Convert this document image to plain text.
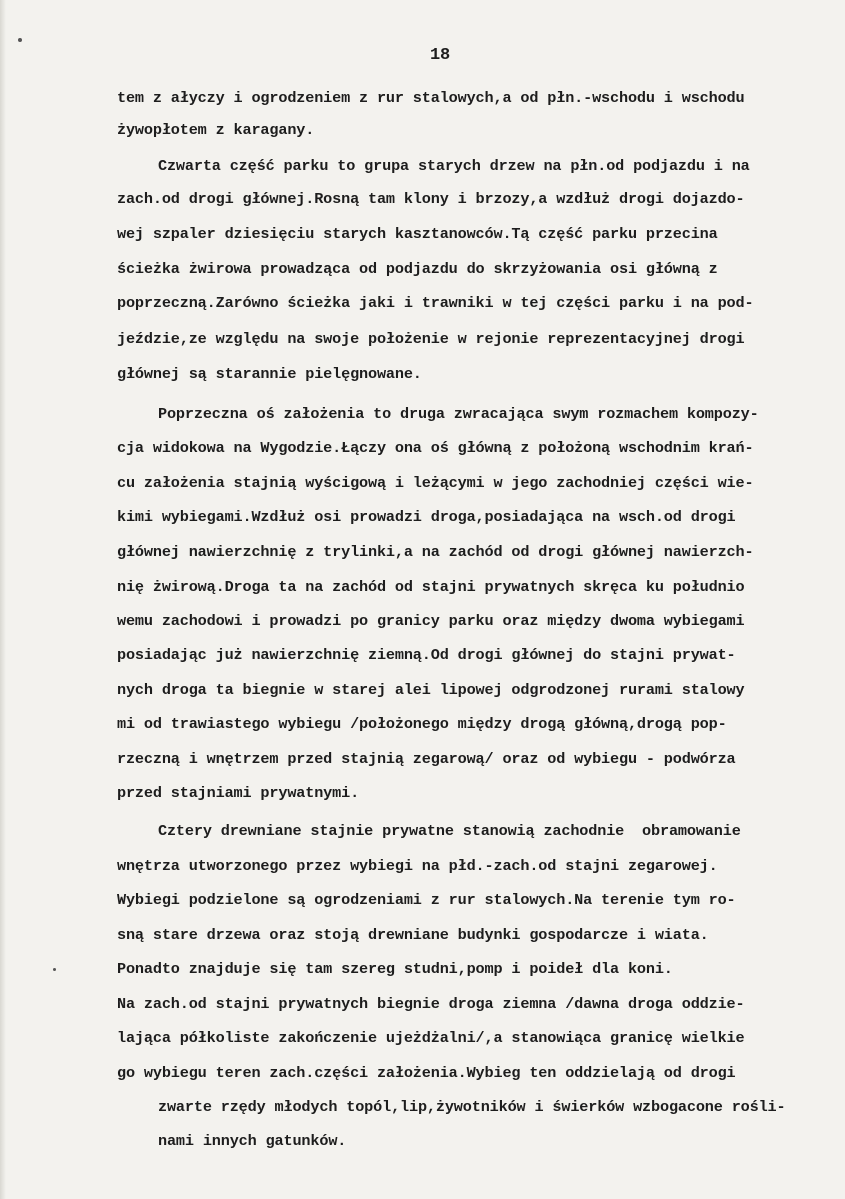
18
tem z ałyczy i ogrodzeniem z rur stalowych,a od płn.-wschodu i wschodu
żywopłotem z karagany.
Czwarta część parku to grupa starych drzew na płn.od podjazdu i na
zach.od drogi głównej.Rosną tam klony i brzozy,a wzdłuż drogi dojazdo-
wej szpaler dziesięciu starych kasztanowców.Tą część parku przecina
ścieżka żwirowa prowadząca od podjazdu do skrzyżowania osi główną z
poprzeczną.Zarówno ścieżka jaki i trawniki w tej części parku i na pod-
jeździe,ze względu na swoje położenie w rejonie reprezentacyjnej drogi
głównej są starannie pielęgnowane.
Poprzeczna oś założenia to druga zwracająca swym rozmachem kompozy-
cja widokowa na Wygodzie.Łączy ona oś główną z położoną wschodnim krań-
cu założenia stajnią wyścigową i leżącymi w jego zachodniej części wie-
kimi wybiegami.Wzdłuż osi prowadzi droga,posiadająca na wsch.od drogi
głównej nawierzchnię z trylinki,a na zachód od drogi głównej nawierzch-
nię żwirową.Droga ta na zachód od stajni prywatnych skręca ku południo
wemu zachodowi i prowadzi po granicy parku oraz między dwoma wybiegami
posiadając już nawierzchnię ziemną.Od drogi głównej do stajni prywat-
nych droga ta biegnie w starej alei lipowej odgrodzonej rurami stalowy
mi od trawiastego wybiegu /położonego między drogą główną,drogą pop-
rzeczną i wnętrzem przed stajnią zegarową/ oraz od wybiegu - podwórza
przed stajniami prywatnymi.
Cztery drewniane stajnie prywatne stanowią zachodnie  obramowanie
wnętrza utworzonego przez wybiegi na płd.-zach.od stajni zegarowej.
Wybiegi podzielone są ogrodzeniami z rur stalowych.Na terenie tym ro-
sną stare drzewa oraz stoją drewniane budynki gospodarcze i wiata.
Ponadto znajduje się tam szereg studni,pomp i poideł dla koni.
Na zach.od stajni prywatnych biegnie droga ziemna /dawna droga oddzie-
lająca półkoliste zakończenie ujeżdżalni/,a stanowiąca granicę wielkie
go wybiegu teren zach.części założenia.Wybieg ten oddzielają od drogi
zwarte rzędy młodych topól,lip,żywotników i świerków wzbogacone rośli-
nami innych gatunków.
